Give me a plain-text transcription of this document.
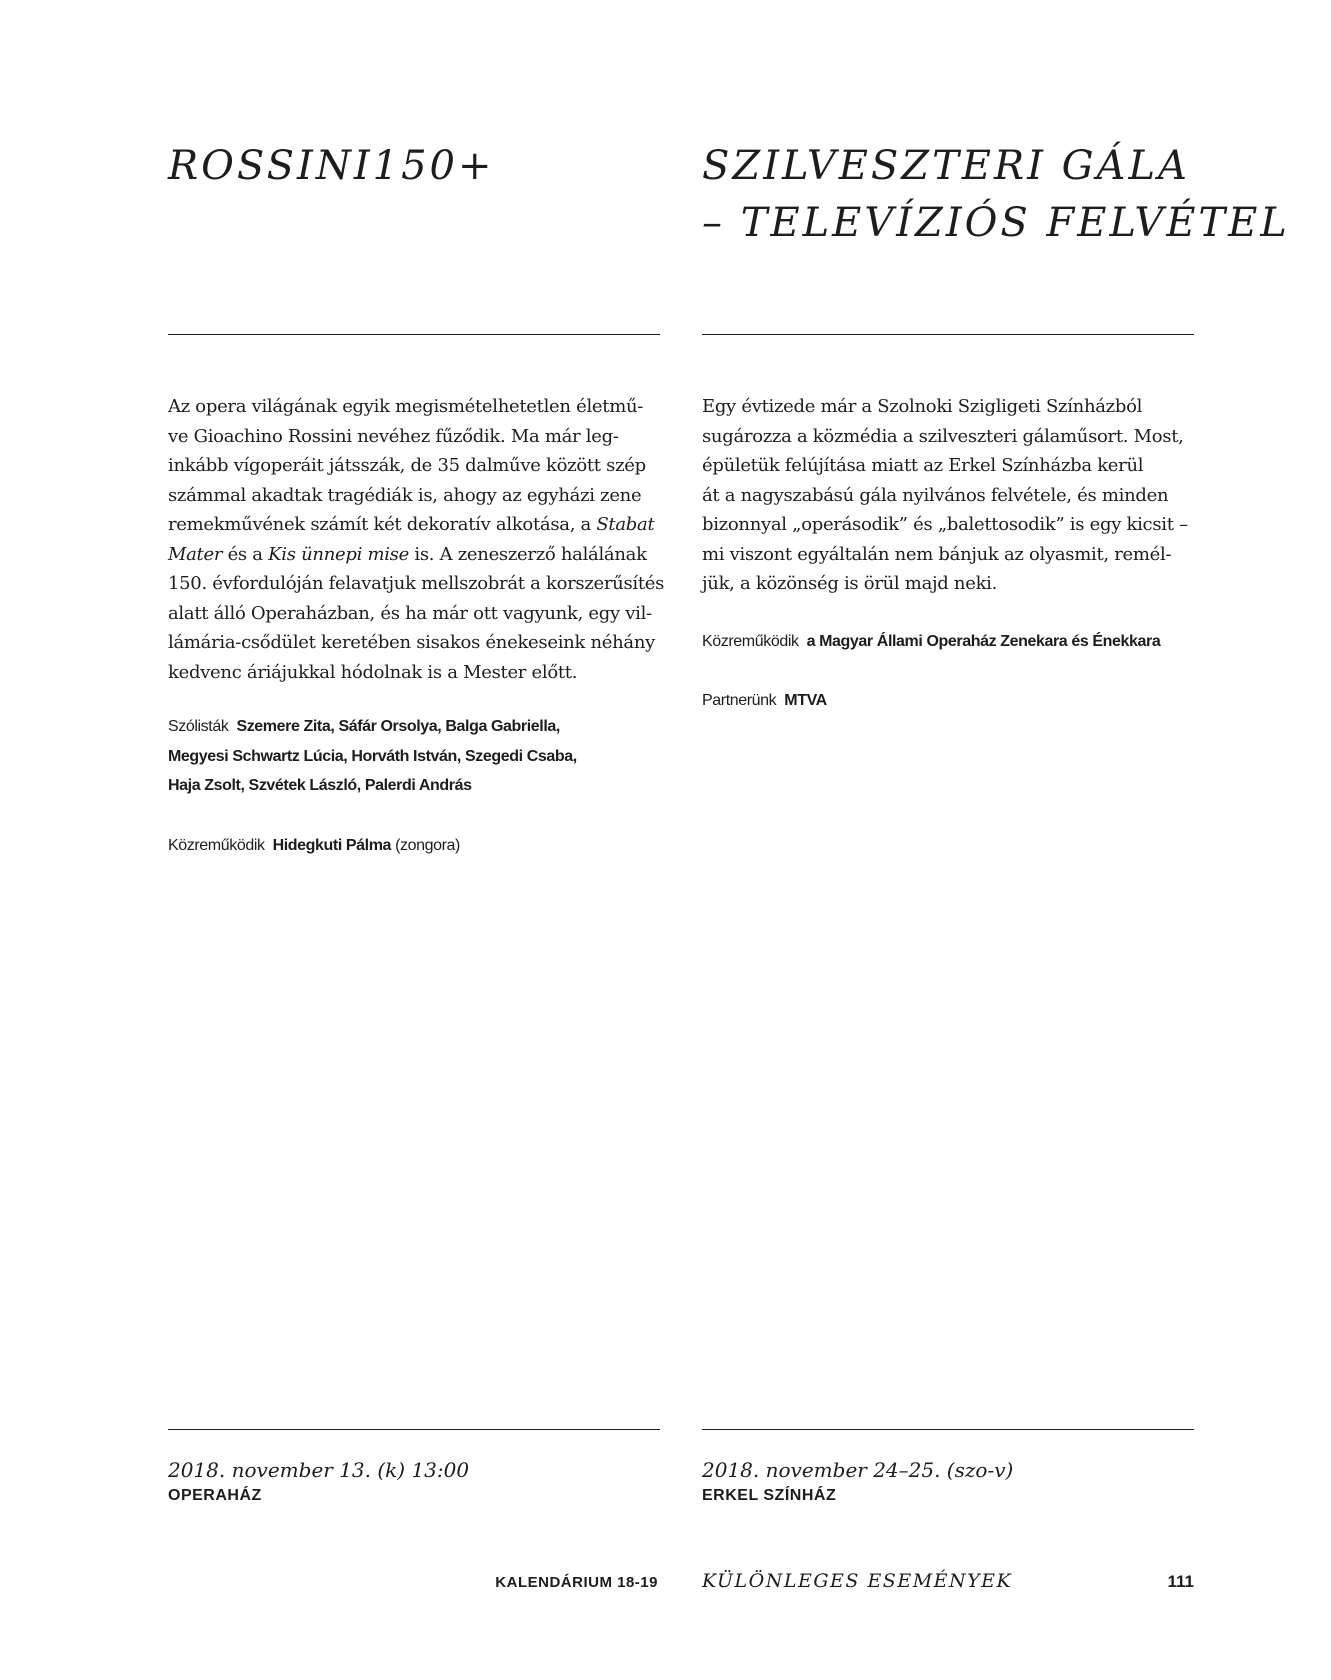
ROSSINI150+
Az opera világának egyik megismételhetetlen életmű-
ve Gioachino Rossini nevéhez fűződik. Ma már leg-
inkább vígoperáit játsszák, de 35 dalműve között szép
számmal akadtak tragédiák is, ahogy az egyházi zene
remekművének számít két dekoratív alkotása, a Stabat
Mater és a Kis ünnepi mise is. A zeneszerző halálának
150. évfordulóján felavatjuk mellszobrát a korszerűsítés
alatt álló Operaházban, és ha már ott vagyunk, egy vil-
lámária-csődület keretében sisakos énekeseink néhány
kedvenc áriájukkal hódolnak is a Mester előtt.
Szólisták Szemere Zita, Sáfár Orsolya, Balga Gabriella,
Megyesi Schwartz Lúcia, Horváth István, Szegedi Csaba,
Haja Zsolt, Szvétek László, Palerdi András
Közreműködik Hidegkuti Pálma (zongora)
2018. november 13. (k) 13:00
OPERAHÁZ
SZILVESZTERI GÁLA
– TELEVÍZIÓS FELVÉTEL
Egy évtizede már a Szolnoki Szigligeti Színházból
sugározza a közmédia a szilveszteri gálaműsort. Most,
épületük felújítása miatt az Erkel Színházba kerül
át a nagyszabású gála nyilvános felvétele, és minden
bizonnyal „operásodik” és „balettosodik” is egy kicsit –
mi viszont egyáltalán nem bánjuk az olyasmit, remél-
jük, a közönség is örül majd neki.
Közreműködik a Magyar Állami Operaház Zenekara és Énekkara
Partnerünk MTVA
2018. november 24–25. (szo-v)
ERKEL SZÍNHÁZ
KALENDÁRIUM 18-19 KÜLÖNLEGES ESEMÉNYEK	111
